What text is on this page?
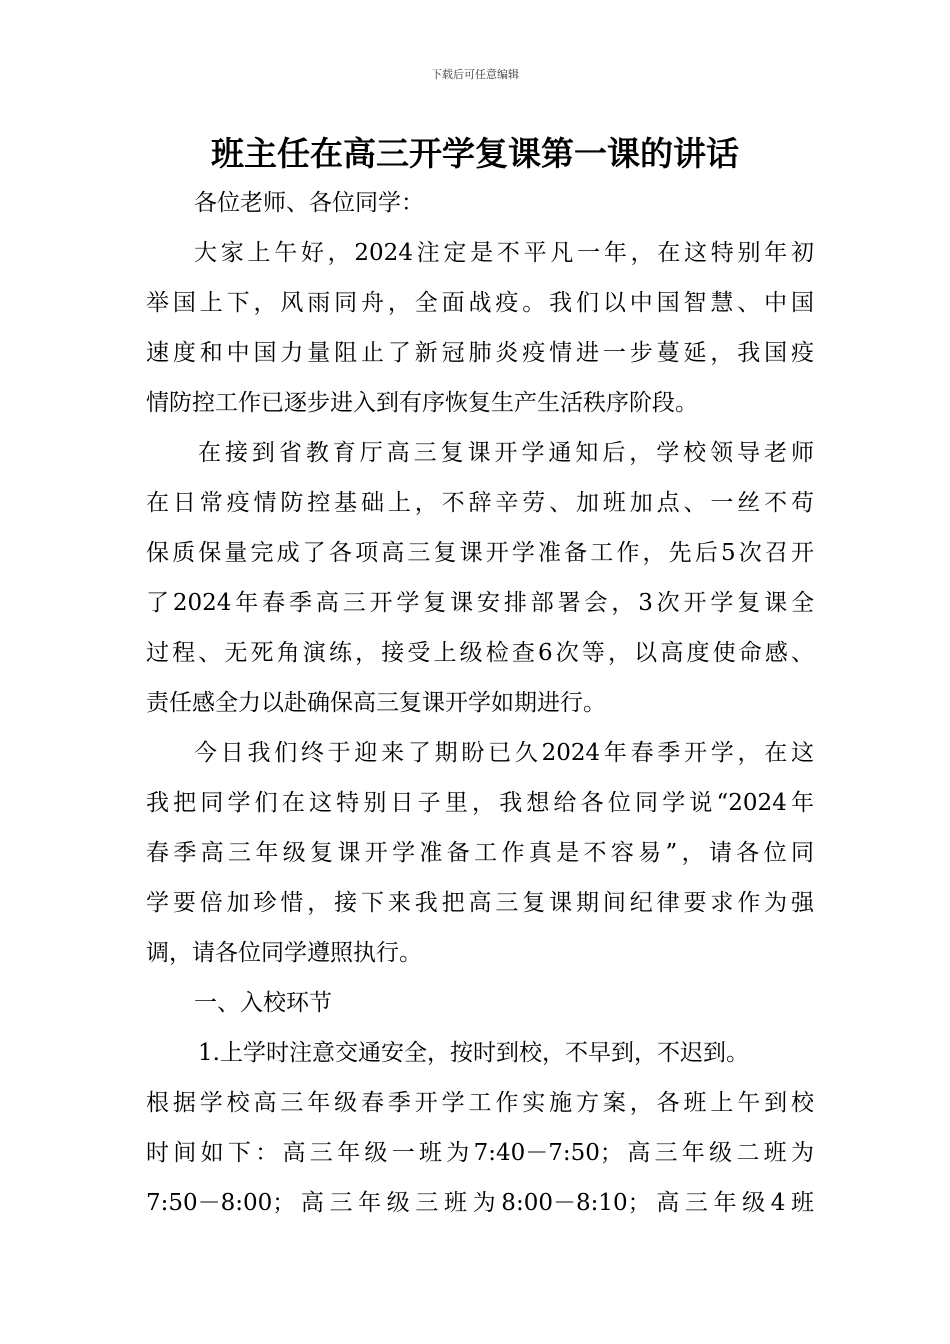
下载后可任意编辑
班主任在高三开学复课第一课的讲话
各位老师、各位同学：
大家上午好，2024注定是不平凡一年，在这特别年初
举国上下，风雨同舟，全面战疫。我们以中国智慧、中国
速度和中国力量阻止了新冠肺炎疫情进一步蔓延，我国疫
情防控工作已逐步进入到有序恢复生产生活秩序阶段。
在接到省教育厅高三复课开学通知后，学校领导老师
在日常疫情防控基础上，不辞辛劳、加班加点、一丝不苟
保质保量完成了各项高三复课开学准备工作，先后5次召开
了2024年春季高三开学复课安排部署会，3次开学复课全
过程、无死角演练，接受上级检查6次等，以高度使命感、
责任感全力以赴确保高三复课开学如期进行。
今日我们终于迎来了期盼已久2024年春季开学，在这
我把同学们在这特别日子里，我想给各位同学说“2024年
春季高三年级复课开学准备工作真是不容易”，请各位同
学要倍加珍惜，接下来我把高三复课期间纪律要求作为强
调，请各位同学遵照执行。
一、入校环节
1.上学时注意交通安全，按时到校，不早到，不迟到。
根据学校高三年级春季开学工作实施方案，各班上午到校
时间如下：高三年级一班为7:40－7:50；高三年级二班为
7:50－8:00；高三年级三班为8:00－8:10；高三年级4班
